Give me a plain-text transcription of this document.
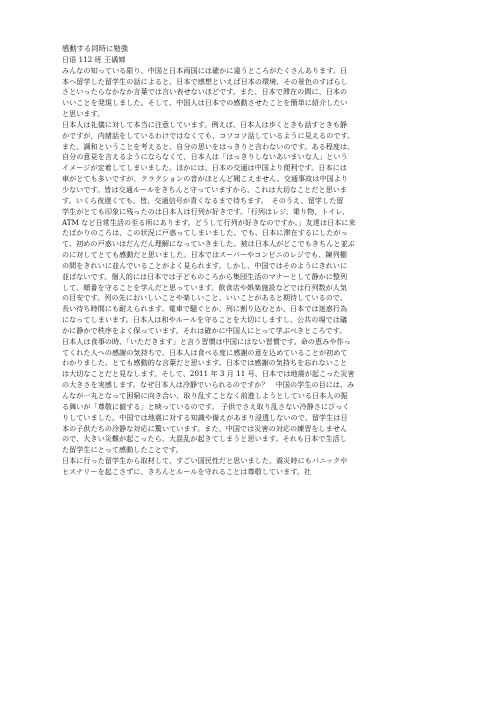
感動する同時に勉強
日语 112 班 王谲婵
みんなの知っている限り、中国と日本両国には確かに違うところがたくさんあります。日
本へ留学した留学生の話によると、日本で感想といえば日本の環境、その景色のすばらし
さといったらなかなか言葉では言い表せないほどです。また、日本で滞在の間に、日本の
いいことを発現しました。そして、中国人は日本での感動させたことを簡単に紹介したい
と思います。
日本人は礼儀に対して本当に注意しています。例えば、日本人は歩くときも話すときも静
かですが，内緒話をしているわけではなくても、コソコソ話しているように見えるのです。
また、調和ということを考えると、自分の思いをはっきりと言わないのです。ある程度は、
自分の意見を言えるようにならなくて、日本人は「はっきりしないあいまいな人」という
イメージが定着してしまいました。ほかには、日本の交通は中国より便利です。日本には
車がとても多いですが、クラクションの音がほとんど聞こえません。交通事故は中国より
少ないです。皆は交通ルールをきちんと守っていますから、これは大切なことだと思いま
す。いくら夜遅くても、皆、交通信号が青くなるまで待ちます。　そのうえ、留学した留
学生がとても印象に残ったのは日本人は行列が好きです。「行列はレジ、乗り物、トイレ、
ATM など日常生活の至る所にあります。どうして行列が好きなのですか。」友達は日本に来
たばかりのころは、この状況に戸惑ってしまいました。でも、日本に滞在するにしたがっ
て、初めの戸惑いはだんだん理解になっていきました。被は日本人がどこでもきちんと並ぶ
のに対してとても感動だと思いました。日本ではスーパーやコンビニのレジでも、陳列棚
の間をきれいに並んでいることがよく見られます。しかし、中国ではそのようにきれいに
並ばないです。個人的には日本では子どものころから集団生活のマナーとして静かに整列
して、順番を守ることを学んだと思っています。飲食店や娯楽施設などでは行列数が人気
の目安です。列の先においしいことや楽しいこと、いいことがあると期待しているので、
長い待ち時間にも耐えられます。電車で騒ぐとか、列に割り込むとか、日本では迷惑行為
になってしまいます。日本人は和やルールを守ることを大切にしますし、公共の場では礒
かに静かで秩序をよく保っています。それは確かに中国人にとって学ぶべきところです。
日本人は食事の時、「いただきます」と言う習慣は中国にはない習慣です。命の恵みや作っ
てくれた人への感謝の気持ちで、日本人は食べる度に感謝の意を込めていることが初めて
わかりました。とても感動的な言葉だと思います。日本では感謝の気持ちを忘れないこと
は大切なことだと見なします。そして、2011 年 3 月 11 号、日本では地震が起こった災害
の大きさを実感します。なぜ日本人は冷静でいられるのですか？　中国の学生の目には、み
んなが一丸となって困窮に向き合い、取り乱すことなく前進しようとしている日本人の振
る舞いが「尊敬に値する」と映っているのです。 子供でさえ取り乱さない冷静さにびっく
りしていました。中国では地震に対する知識や備えがあまり浸透しないので、留学生は日
本の子供たちの冷静な対応に驚いています。また、中国では災害の対応の練習をしません
ので、大きい災難が起こったら、大混乱が起きてしまうと思います。それも日本で生活し
た留学生にとって感動したことです。
日本に行った留学生から取材して、すごい国民性だと思いました。震災時にもパニックや
ヒステリーを起こさずに、きちんとルールを守れることは尊敬しています。社
